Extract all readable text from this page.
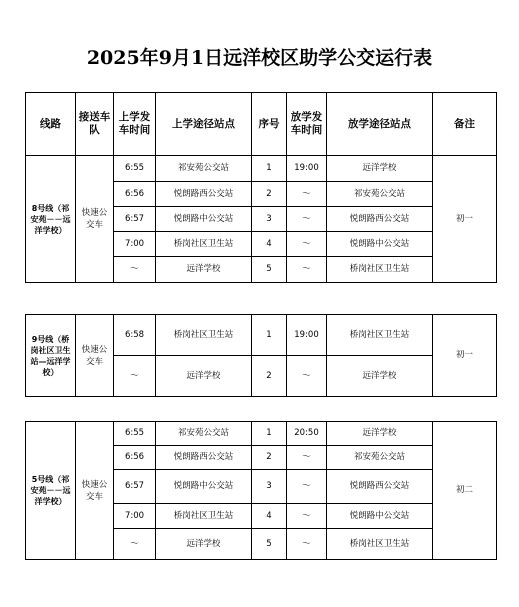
2025年9月1日远洋校区助学公交运行表
线路	接送车队	上学发车时间	上学途径站点	序号	放学发车时间	放学途径站点	备注
8号线（祁安苑－－远洋学校）	快速公交车	6:55	祁安苑公交站	1	19:00	远洋学校	初一
		6:56	悦朗路西公交站	2	～	祁安苑公交站	
		6:57	悦朗路中公交站	3	～	悦朗路西公交站	
		7:00	桥岗社区卫生站	4	～	悦朗路中公交站	
		～	远洋学校	5	～	桥岗社区卫生站	
9号线（桥岗社区卫生站—远洋学校）	快速公交车	6:58	桥岗社区卫生站	1	19:00	桥岗社区卫生站	初一
		～	远洋学校	2	～	远洋学校	
5号线（祁安苑－－远洋学校）	快速公交车	6:55	祁安苑公交站	1	20:50	远洋学校	初二
		6:56	悦朗路西公交站	2	～	祁安苑公交站	
		6:57	悦朗路中公交站	3	～	悦朗路西公交站	
		7:00	桥岗社区卫生站	4	～	悦朗路中公交站	
		～	远洋学校	5	～	桥岗社区卫生站	
